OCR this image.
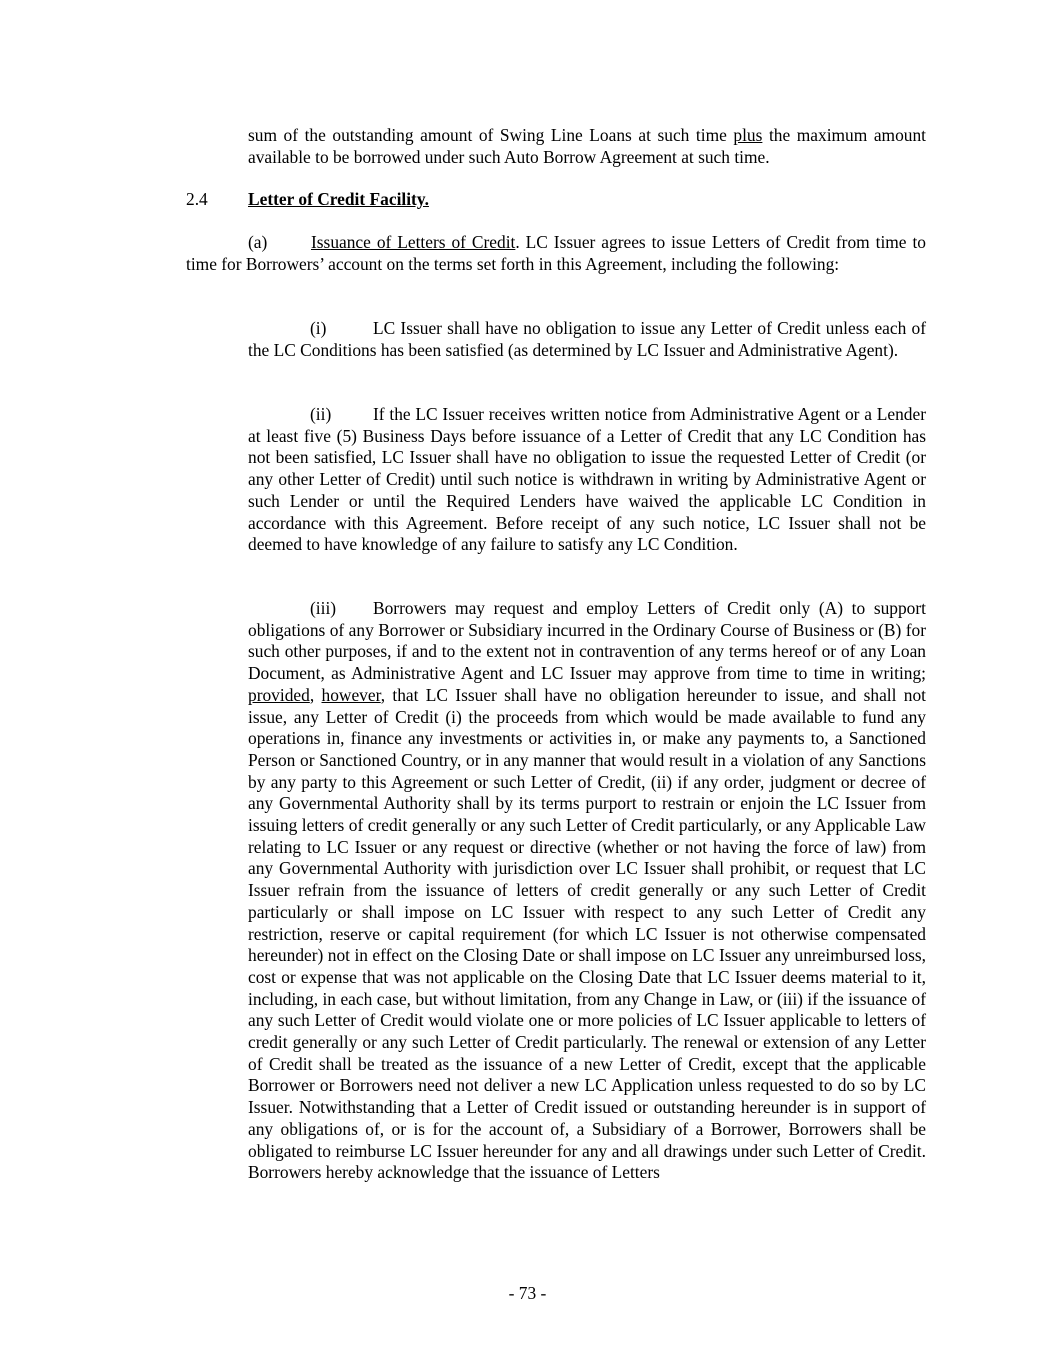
sum of the outstanding amount of Swing Line Loans at such time plus the maximum amount available to be borrowed under such Auto Borrow Agreement at such time.

2.4 Letter of Credit Facility.

(a)	Issuance of Letters of Credit. LC Issuer agrees to issue Letters of Credit from time to time for Borrowers’ account on the terms set forth in this Agreement, including the following:

(i)	LC Issuer shall have no obligation to issue any Letter of Credit unless each of the LC Conditions has been satisfied (as determined by LC Issuer and Administrative Agent).

(ii) If the LC Issuer receives written notice from Administrative Agent or a Lender at least five (5) Business Days before issuance of a Letter of Credit that any LC Condition has not been satisfied, LC Issuer shall have no obligation to issue the requested Letter of Credit (or any other Letter of Credit) until such notice is withdrawn in writing by Administrative Agent or such Lender or until the Required Lenders have waived the applicable LC Condition in accordance with this Agreement. Before receipt of any such notice, LC Issuer shall not be deemed to have knowledge of any failure to satisfy any LC Condition.

(iii) Borrowers may request and employ Letters of Credit only (A) to support obligations of any Borrower or Subsidiary incurred in the Ordinary Course of Business or (B) for such other purposes, if and to the extent not in contravention of any terms hereof or of any Loan Document, as Administrative Agent and LC Issuer may approve from time to time in writing; provided, however, that LC Issuer shall have no obligation hereunder to issue, and shall not issue, any Letter of Credit (i) the proceeds from which would be made available to fund any operations in, finance any investments or activities in, or make any payments to, a Sanctioned Person or Sanctioned Country, or in any manner that would result in a violation of any Sanctions by any party to this Agreement or such Letter of Credit, (ii) if any order, judgment or decree of any Governmental Authority shall by its terms purport to restrain or enjoin the LC Issuer from issuing letters of credit generally or any such Letter of Credit particularly, or any Applicable Law relating to LC Issuer or any request or directive (whether or not having the force of law) from any Governmental Authority with jurisdiction over LC Issuer shall prohibit, or request that LC Issuer refrain from the issuance of letters of credit generally or any such Letter of Credit particularly or shall impose on LC Issuer with respect to any such Letter of Credit any restriction, reserve or capital requirement (for which LC Issuer is not otherwise compensated hereunder) not in effect on the Closing Date or shall impose on LC Issuer any unreimbursed loss, cost or expense that was not applicable on the Closing Date that LC Issuer deems material to it, including, in each case, but without limitation, from any Change in Law, or (iii) if the issuance of any such Letter of Credit would violate one or more policies of LC Issuer applicable to letters of credit generally or any such Letter of Credit particularly. The renewal or extension of any Letter of Credit shall be treated as the issuance of a new Letter of Credit, except that the applicable Borrower or Borrowers need not deliver a new LC Application unless requested to do so by LC Issuer. Notwithstanding that a Letter of Credit issued or outstanding hereunder is in support of any obligations of, or is for the account of, a Subsidiary of a Borrower, Borrowers shall be obligated to reimburse LC Issuer hereunder for any and all drawings under such Letter of Credit. Borrowers hereby acknowledge that the issuance of Letters

- 73 -
